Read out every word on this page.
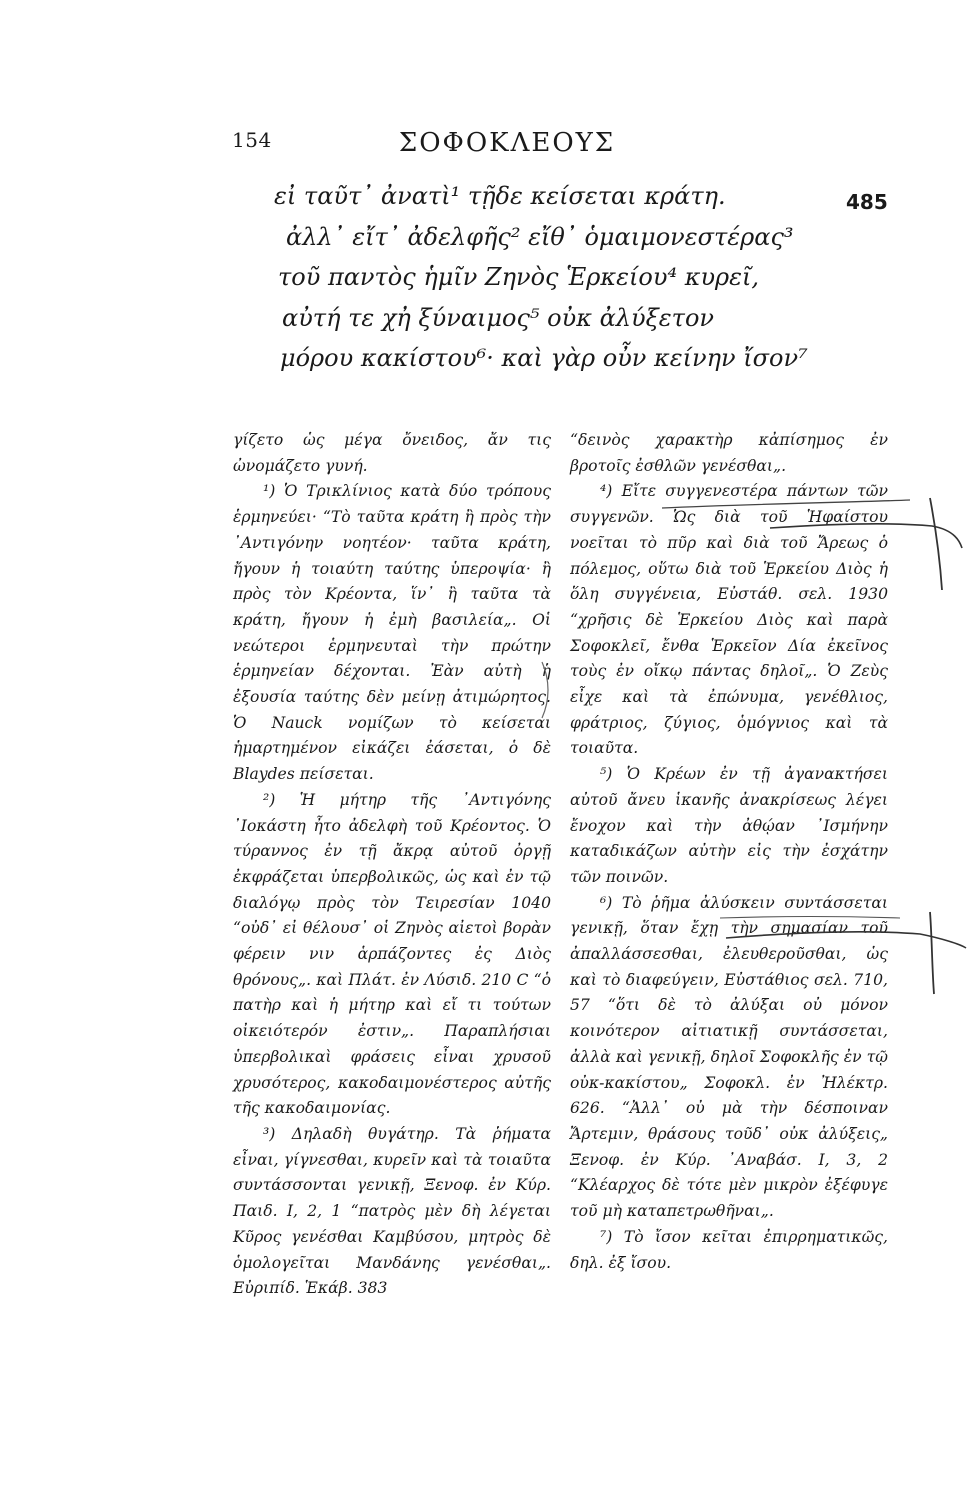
154	ΣΟΦΟΚΛΕΟΥΣ
εἰ ταῦτ᾽ ἀνατὶ¹ τῇδε κείσεται κράτη.
ἀλλ᾽ εἴτ᾽ ἀδελφῆς² εἴθ᾽ ὁμαιμονεστέρας³
τοῦ παντὸς ἡμῖν Ζηνὸς Ἑρκείου⁴ κυρεῖ,
αὐτή τε χἠ ξύναιμος⁵ οὐκ ἀλύξετον
μόρου κακίστου⁶· καὶ γὰρ οὖν κείνην ἴσον⁷
485

γίζετο ὡς μέγα ὄνειδος, ἄν τις ὠνομάζετο γυνή.

¹) Ὁ Τρικλίνιος κατὰ δύο τρόπους ἑρμηνεύει· “Τὸ ταῦτα κράτη ἢ πρὸς τὴν ᾿Αντιγόνην νοητέον· ταῦτα κράτη, ἤγουν ἡ τοιαύτη ταύτης ὑπεροψία· ἢ πρὸς τὸν Κρέοντα, ἵν᾽ ἢ ταῦτα τὰ κράτη, ἤγουν ἡ ἐμὴ βασιλεία„. Οἱ νεώτεροι ἑρμηνευταὶ τὴν πρώτην ἑρμηνείαν δέχονται. Ἐὰν αὐτὴ ἡ ἐξουσία ταύτης δὲν μείνῃ ἀτιμώρητος. Ὁ Nauck νομίζων τὸ κείσεται ἡμαρτημένον εἰκάζει ἐάσεται, ὁ δὲ Blaydes πείσεται.

²) Ἡ μήτηρ τῆς ᾿Αντιγόνης ᾿Ιοκάστη ἦτο ἀδελφὴ τοῦ Κρέοντος. Ὁ τύραννος ἐν τῇ ἄκρᾳ αὐτοῦ ὀργῇ ἐκφράζεται ὑπερβολικῶς, ὡς καὶ ἐν τῷ διαλόγῳ πρὸς τὸν Τειρεσίαν 1040 “οὐδ᾽ εἰ θέλουσ᾽ οἱ Ζηνὸς αἰετοὶ βορὰν φέρειν νιν ἁρπάζοντες ἐς Διὸς θρόνους„. καὶ Πλάτ. ἐν Λύσιδ. 210 C “ὁ πατὴρ καὶ ἡ μήτηρ καὶ εἴ τι τούτων οἰκειότερόν ἐστιν„. Παραπλήσιαι ὑπερβολικαὶ φράσεις εἶναι χρυσοῦ χρυσότερος, κακοδαιμονέστερος αὐτῆς τῆς κακοδαιμονίας.

³) Δηλαδὴ θυγάτηρ. Τὰ ῥήματα εἶναι, γίγνεσθαι, κυρεῖν καὶ τὰ τοιαῦτα συντάσσονται γενικῇ, Ξενοφ. ἐν Κύρ. Παιδ. Ι, 2, 1 “πατρὸς μὲν δὴ λέγεται Κῦρος γενέσθαι Καμβύσου, μητρὸς δὲ ὁμολογεῖται Μανδάνης γενέσθαι„. Εὐριπίδ. Ἑκάβ. 383

“δεινὸς χαρακτὴρ κἀπίσημος ἐν βροτοῖς ἐσθλῶν γενέσθαι„.

⁴) Εἴτε συγγενεστέρα πάντων τῶν συγγενῶν. Ὡς διὰ τοῦ Ἡφαίστου νοεῖται τὸ πῦρ καὶ διὰ τοῦ Ἄρεως ὁ πόλεμος, οὕτω διὰ τοῦ Ἑρκείου Διὸς ἡ ὅλη συγγένεια, Εὐστάθ. σελ. 1930 “χρῆσις δὲ Ἑρκείου Διὸς καὶ παρὰ Σοφοκλεῖ, ἔνθα Ἑρκεῖον Δία ἐκεῖνος τοὺς ἐν οἴκῳ πάντας δηλοῖ„. Ὁ Ζεὺς εἶχε καὶ τὰ ἐπώνυμα, γενέθλιος, φράτριος, ζύγιος, ὁμόγνιος καὶ τὰ τοιαῦτα.

⁵) Ὁ Κρέων ἐν τῇ ἀγανακτήσει αὐτοῦ ἄνευ ἱκανῆς ἀνακρίσεως λέγει ἔνοχον καὶ τὴν ἀθῴαν ᾿Ισμήνην καταδικάζων αὐτὴν εἰς τὴν ἐσχάτην τῶν ποινῶν.

⁶) Τὸ ῥῆμα ἀλύσκειν συντάσσεται γενικῇ, ὅταν ἔχῃ τὴν σημασίαν τοῦ ἀπαλλάσσεσθαι, ἐλευθεροῦσθαι, ὡς καὶ τὸ διαφεύγειν, Εὐστάθιος σελ. 710, 57 “ὅτι δὲ τὸ ἀλύξαι οὐ μόνον κοινότερον αἰτιατικῇ συντάσσεται, ἀλλὰ καὶ γενικῇ, δηλοῖ Σοφοκλῆς ἐν τῷ οὐκ-κακίστου„ Σοφοκλ. ἐν Ἠλέκτρ. 626. “Ἀλλ᾽ οὐ μὰ τὴν δέσποιναν Ἄρτεμιν, θράσους τοῦδ᾽ οὐκ ἀλύξεις„ Ξενοφ. ἐν Κύρ. ᾿Αναβάσ. Ι, 3, 2 “Κλέαρχος δὲ τότε μὲν μικρὸν ἐξέφυγε τοῦ μὴ καταπετρωθῆναι„.

⁷) Τὸ ἴσον κεῖται ἐπιρρηματικῶς, δηλ. ἐξ ἴσου.
